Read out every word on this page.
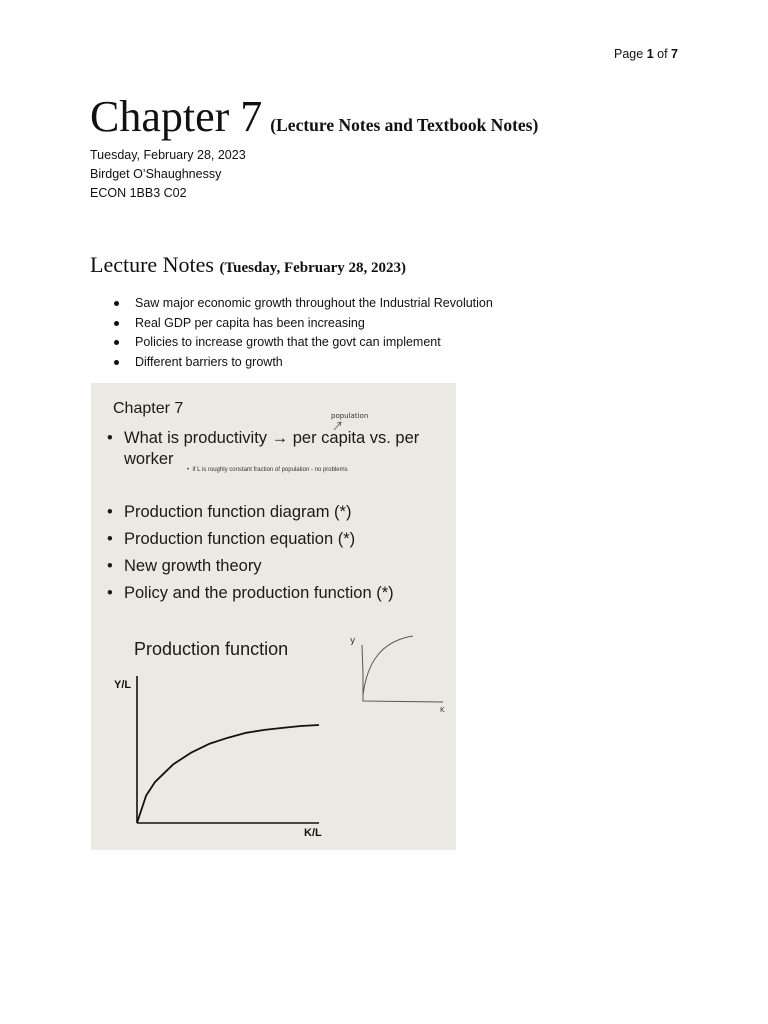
Page 1 of 7
Chapter 7 (Lecture Notes and Textbook Notes)
Tuesday, February 28, 2023
Birdget O’Shaughnessy
ECON 1BB3 C02
Lecture Notes (Tuesday, February 28, 2023)
Saw major economic growth throughout the Industrial Revolution
Real GDP per capita has been increasing
Policies to increase growth that the govt can implement
Different barriers to growth
Chapter 7
• What is productivity → per capita vs. per
worker
population
•  if L is roughly constant fraction of population - no problems
• Production function diagram (*)
• Production function equation (*)
• New growth theory
• Policy and the production function (*)
Production function	y
K
Y/L
K/L
